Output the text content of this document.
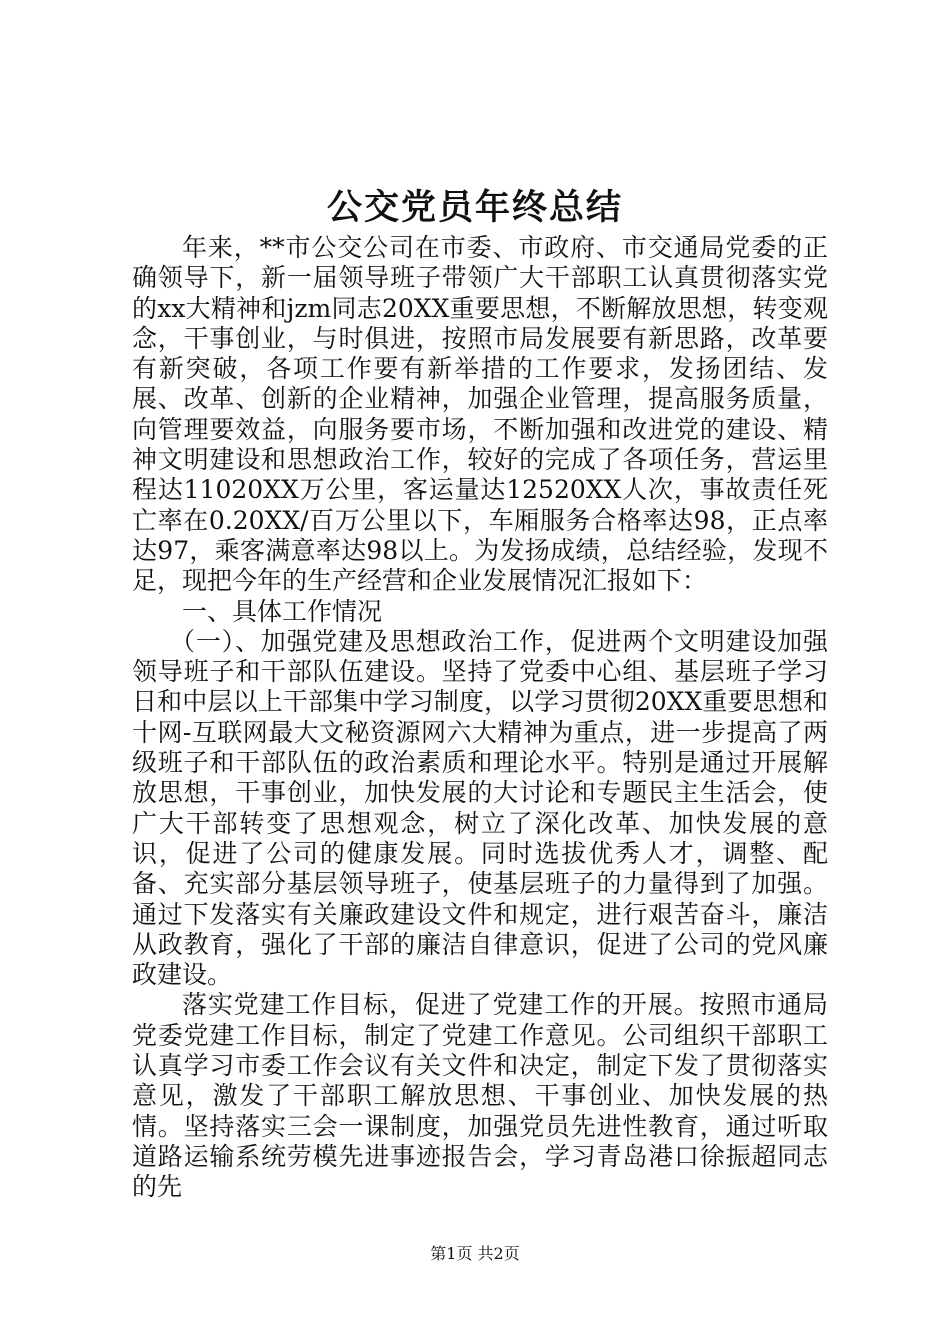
公交党员年终总结

年来，**市公交公司在市委、市政府、市交通局党委的正确领导下，新一届领导班子带领广大干部职工认真贯彻落实党的xx大精神和jzm同志20XX重要思想，不断解放思想，转变观念，干事创业，与时俱进，按照市局发展要有新思路，改革要有新突破，各项工作要有新举措的工作要求，发扬团结、发展、改革、创新的企业精神，加强企业管理，提高服务质量，向管理要效益，向服务要市场，不断加强和改进党的建设、精神文明建设和思想政治工作，较好的完成了各项任务，营运里程达11020XX万公里，客运量达12520XX人次，事故责任死亡率在0.20XX/百万公里以下，车厢服务合格率达98，正点率达97，乘客满意率达98以上。为发扬成绩，总结经验，发现不足，现把今年的生产经营和企业发展情况汇报如下：

一、具体工作情况

（一）、加强党建及思想政治工作，促进两个文明建设加强领导班子和干部队伍建设。坚持了党委中心组、基层班子学习日和中层以上干部集中学习制度，以学习贯彻20XX重要思想和十网-互联网最大文秘资源网六大精神为重点，进一步提高了两级班子和干部队伍的政治素质和理论水平。特别是通过开展解放思想，干事创业，加快发展的大讨论和专题民主生活会，使广大干部转变了思想观念，树立了深化改革、加快发展的意识，促进了公司的健康发展。同时选拔优秀人才，调整、配备、充实部分基层领导班子，使基层班子的力量得到了加强。通过下发落实有关廉政建设文件和规定，进行艰苦奋斗，廉洁从政教育，强化了干部的廉洁自律意识，促进了公司的党风廉政建设。

落实党建工作目标，促进了党建工作的开展。按照市通局党委党建工作目标，制定了党建工作意见。公司组织干部职工认真学习市委工作会议有关文件和决定，制定下发了贯彻落实意见，激发了干部职工解放思想、干事创业、加快发展的热情。坚持落实三会一课制度，加强党员先进性教育，通过听取道路运输系统劳模先进事迹报告会，学习青岛港口徐振超同志的先

第1页 共2页
